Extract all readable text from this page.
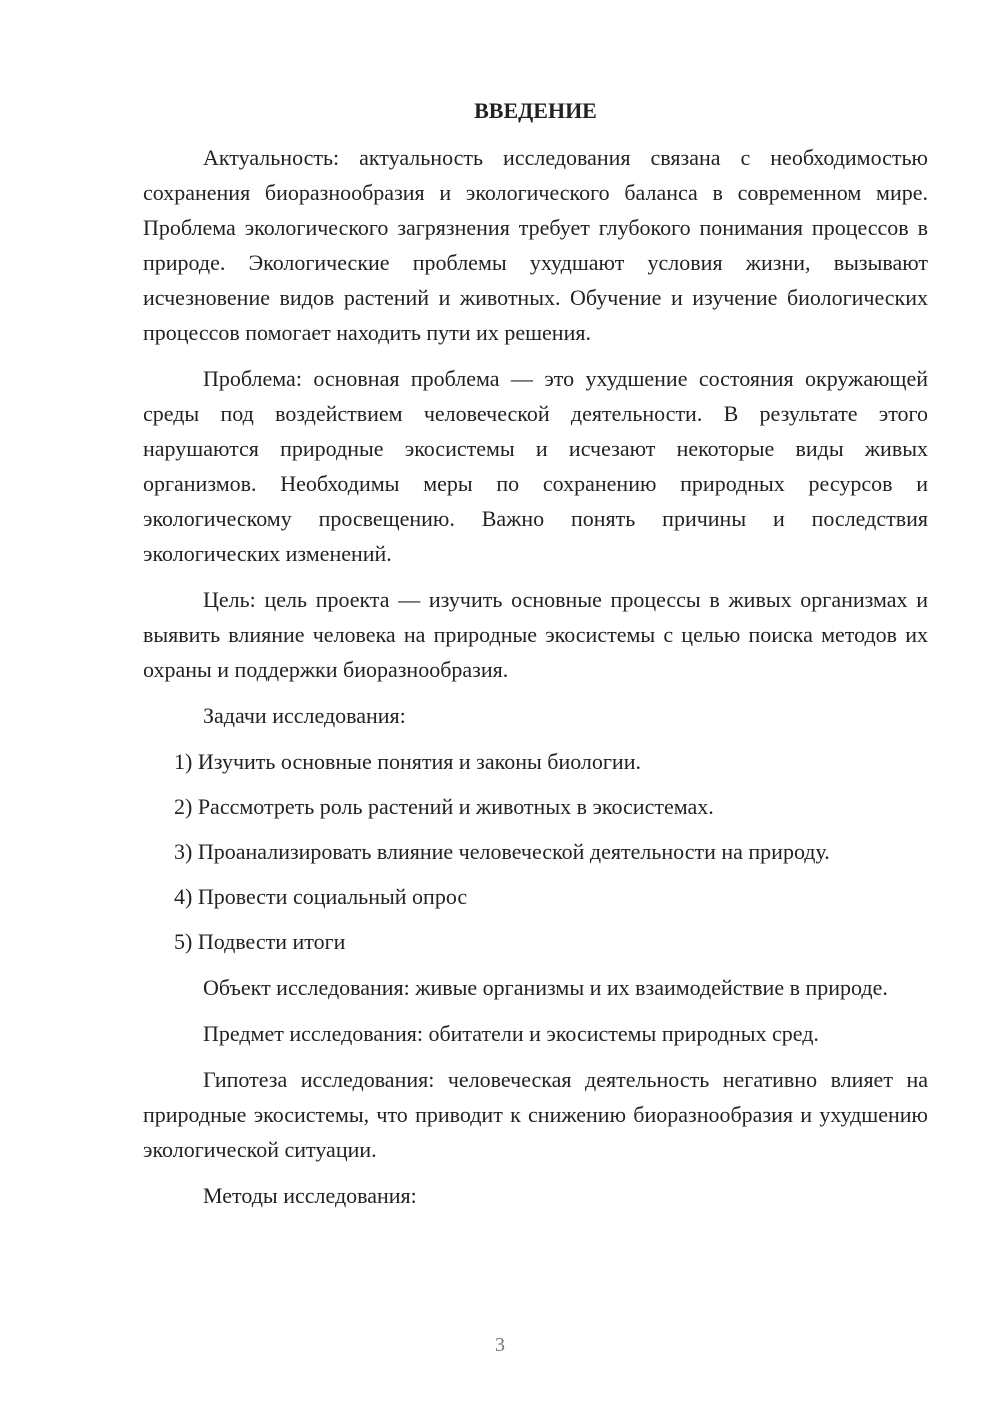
ВВЕДЕНИЕ

Актуальность: актуальность исследования связана с необходимостью сохранения биоразнообразия и экологического баланса в современном мире. Проблема экологического загрязнения требует глубокого понимания процессов в природе. Экологические проблемы ухудшают условия жизни, вызывают исчезновение видов растений и животных. Обучение и изучение биологических процессов помогает находить пути их решения.

Проблема: основная проблема — это ухудшение состояния окружающей среды под воздействием человеческой деятельности. В результате этого нарушаются природные экосистемы и исчезают некоторые виды живых организмов. Необходимы меры по сохранению природных ресурсов и экологическому просвещению. Важно понять причины и последствия экологических изменений.

Цель: цель проекта — изучить основные процессы в живых организмах и выявить влияние человека на природные экосистемы с целью поиска методов их охраны и поддержки биоразнообразия.

Задачи исследования:

1) Изучить основные понятия и законы биологии.
2) Рассмотреть роль растений и животных в экосистемах.
3) Проанализировать влияние человеческой деятельности на природу.
4) Провести социальный опрос
5) Подвести итоги

Объект исследования: живые организмы и их взаимодействие в природе.

Предмет исследования: обитатели и экосистемы природных сред.

Гипотеза исследования: человеческая деятельность негативно влияет на природные экосистемы, что приводит к снижению биоразнообразия и ухудшению экологической ситуации.

Методы исследования:

3
